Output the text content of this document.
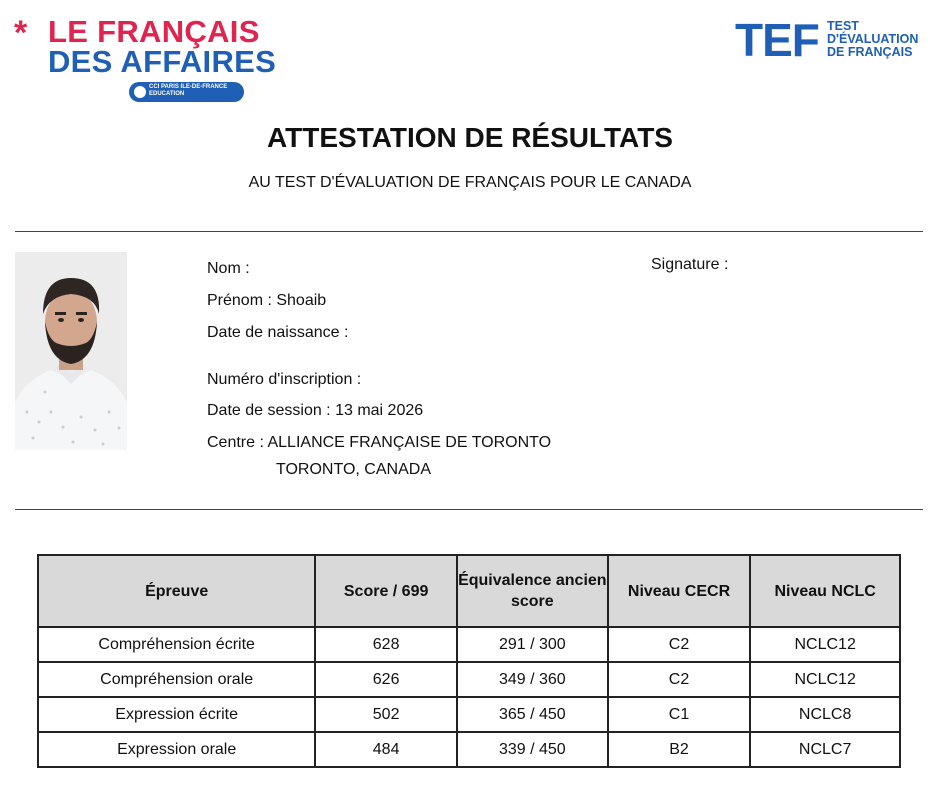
* LE FRANÇAIS
DES AFFAIRES
CCI PARIS ILE-DE-FRANCE
EDUCATION
TEF TEST
D'ÉVALUATION
DE FRANÇAIS
ATTESTATION DE RÉSULTATS
AU TEST D'ÉVALUATION DE FRANÇAIS POUR LE CANADA
Nom :
Prénom : Shoaib
Date de naissance :
Numéro d'inscription :
Date de session : 13 mai 2026
Centre : ALLIANCE FRANÇAISE DE TORONTO
TORONTO, CANADA
Signature :
Épreuve	Score / 699	Équivalence ancien score	Niveau CECR	Niveau NCLC
Compréhension écrite	628	291 / 300	C2	NCLC12
Compréhension orale	626	349 / 360	C2	NCLC12
Expression écrite	502	365 / 450	C1	NCLC8
Expression orale	484	339 / 450	B2	NCLC7
